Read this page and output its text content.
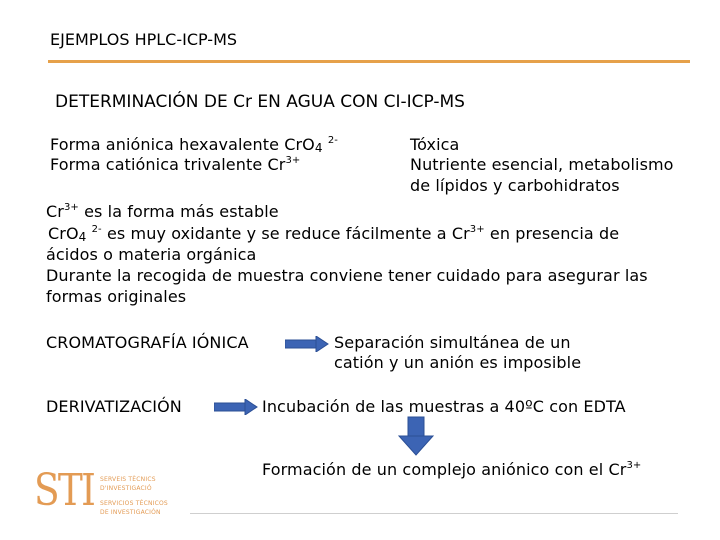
EJEMPLOS HPLC-ICP-MS
DETERMINACIÓN DE Cr EN AGUA CON CI-ICP-MS
Forma aniónica hexavalente CrO$_4$ $^{2-}$
Forma catiónica trivalente $Cr^{3+}$
Tóxica
Nutriente esencial, metabolismo
de lípidos y carbohidratos
$Cr^{3+}$ es la forma más estable
CrO$_4$ $^{2-}$ es muy oxidante y se reduce fácilmente a $Cr^{3+}$ en presencia de
ácidos o materia orgánica
Durante la recogida de muestra conviene tener cuidado para asegurar las
formas originales
CROMATOGRAFÍA IÓNICA	Separación simultánea de un
catión y un anión es imposible
DERIVATIZACIÓN	Incubación de las muestras a 40ºC con EDTA
Formación de un complejo aniónico con el $Cr^{3+}$
STI SERVEIS TÈCNICS
D'INVESTIGACIÓ
SERVICIOS TÉCNICOS
DE INVESTIGACIÓN
